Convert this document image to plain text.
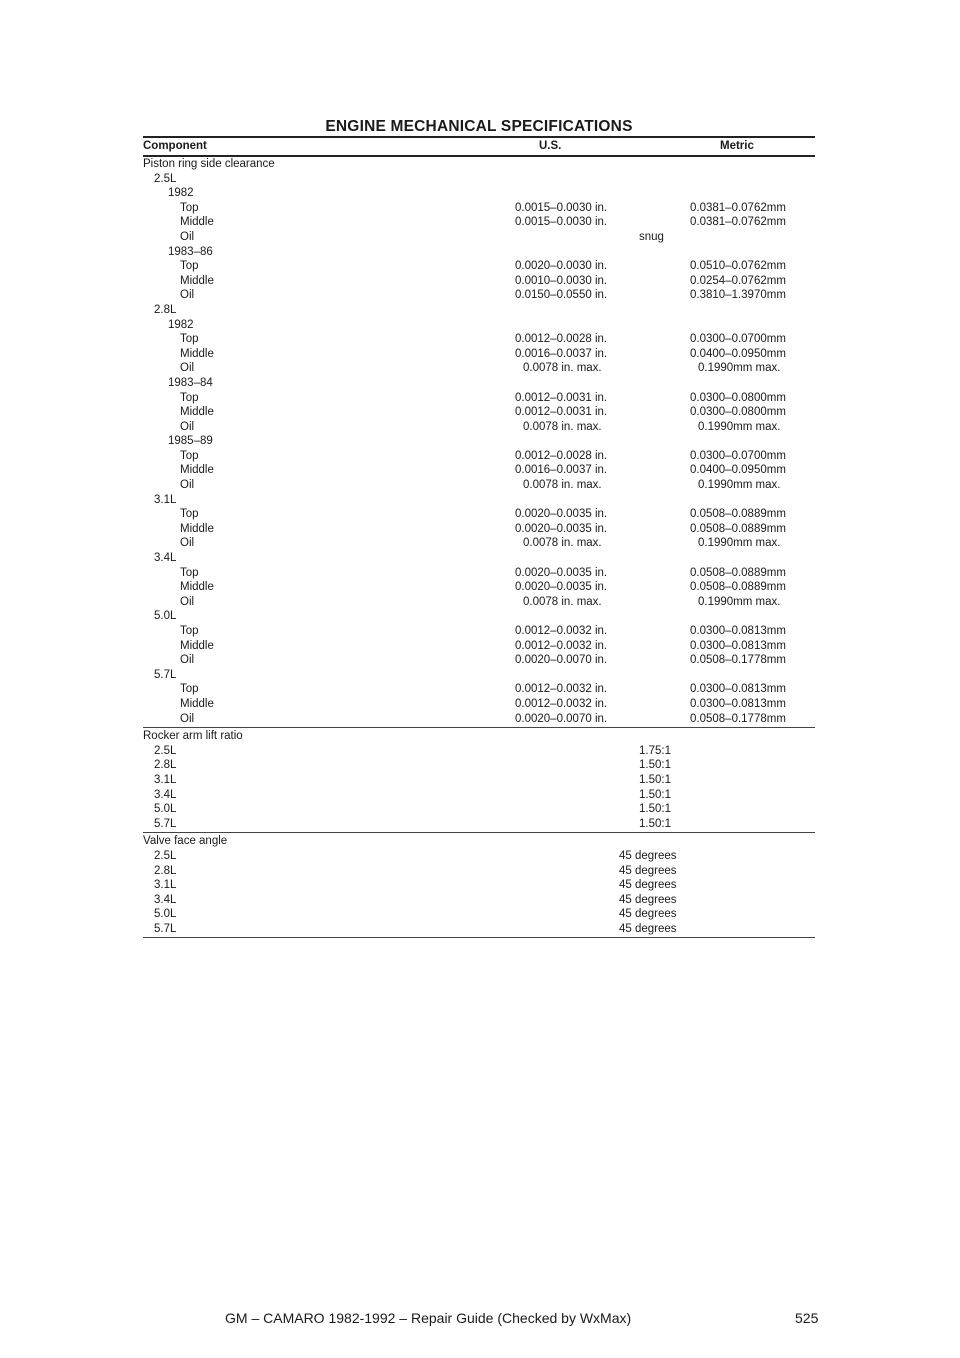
ENGINE MECHANICAL SPECIFICATIONS
Component	U.S.	Metric
Piston ring side clearance
2.5L
1982
Top	0.0015–0.0030 in.	0.0381–0.0762mm
Middle	0.0015–0.0030 in.	0.0381–0.0762mm
Oil	snug
1983–86
Top	0.0020–0.0030 in.	0.0510–0.0762mm
Middle	0.0010–0.0030 in.	0.0254–0.0762mm
Oil	0.0150–0.0550 in.	0.3810–1.3970mm
2.8L
1982
Top	0.0012–0.0028 in.	0.0300–0.0700mm
Middle	0.0016–0.0037 in.	0.0400–0.0950mm
Oil	0.0078 in. max.	0.1990mm max.
1983–84
Top	0.0012–0.0031 in.	0.0300–0.0800mm
Middle	0.0012–0.0031 in.	0.0300–0.0800mm
Oil	0.0078 in. max.	0.1990mm max.
1985–89
Top	0.0012–0.0028 in.	0.0300–0.0700mm
Middle	0.0016–0.0037 in.	0.0400–0.0950mm
Oil	0.0078 in. max.	0.1990mm max.
3.1L
Top	0.0020–0.0035 in.	0.0508–0.0889mm
Middle	0.0020–0.0035 in.	0.0508–0.0889mm
Oil	0.0078 in. max.	0.1990mm max.
3.4L
Top	0.0020–0.0035 in.	0.0508–0.0889mm
Middle	0.0020–0.0035 in.	0.0508–0.0889mm
Oil	0.0078 in. max.	0.1990mm max.
5.0L
Top	0.0012–0.0032 in.	0.0300–0.0813mm
Middle	0.0012–0.0032 in.	0.0300–0.0813mm
Oil	0.0020–0.0070 in.	0.0508–0.1778mm
5.7L
Top	0.0012–0.0032 in.	0.0300–0.0813mm
Middle	0.0012–0.0032 in.	0.0300–0.0813mm
Oil	0.0020–0.0070 in.	0.0508–0.1778mm
Rocker arm lift ratio
2.5L	1.75:1
2.8L	1.50:1
3.1L	1.50:1
3.4L	1.50:1
5.0L	1.50:1
5.7L	1.50:1
Valve face angle
2.5L	45 degrees
2.8L	45 degrees
3.1L	45 degrees
3.4L	45 degrees
5.0L	45 degrees
5.7L	45 degrees
GM – CAMARO 1982-1992 – Repair Guide (Checked by WxMax)	525
